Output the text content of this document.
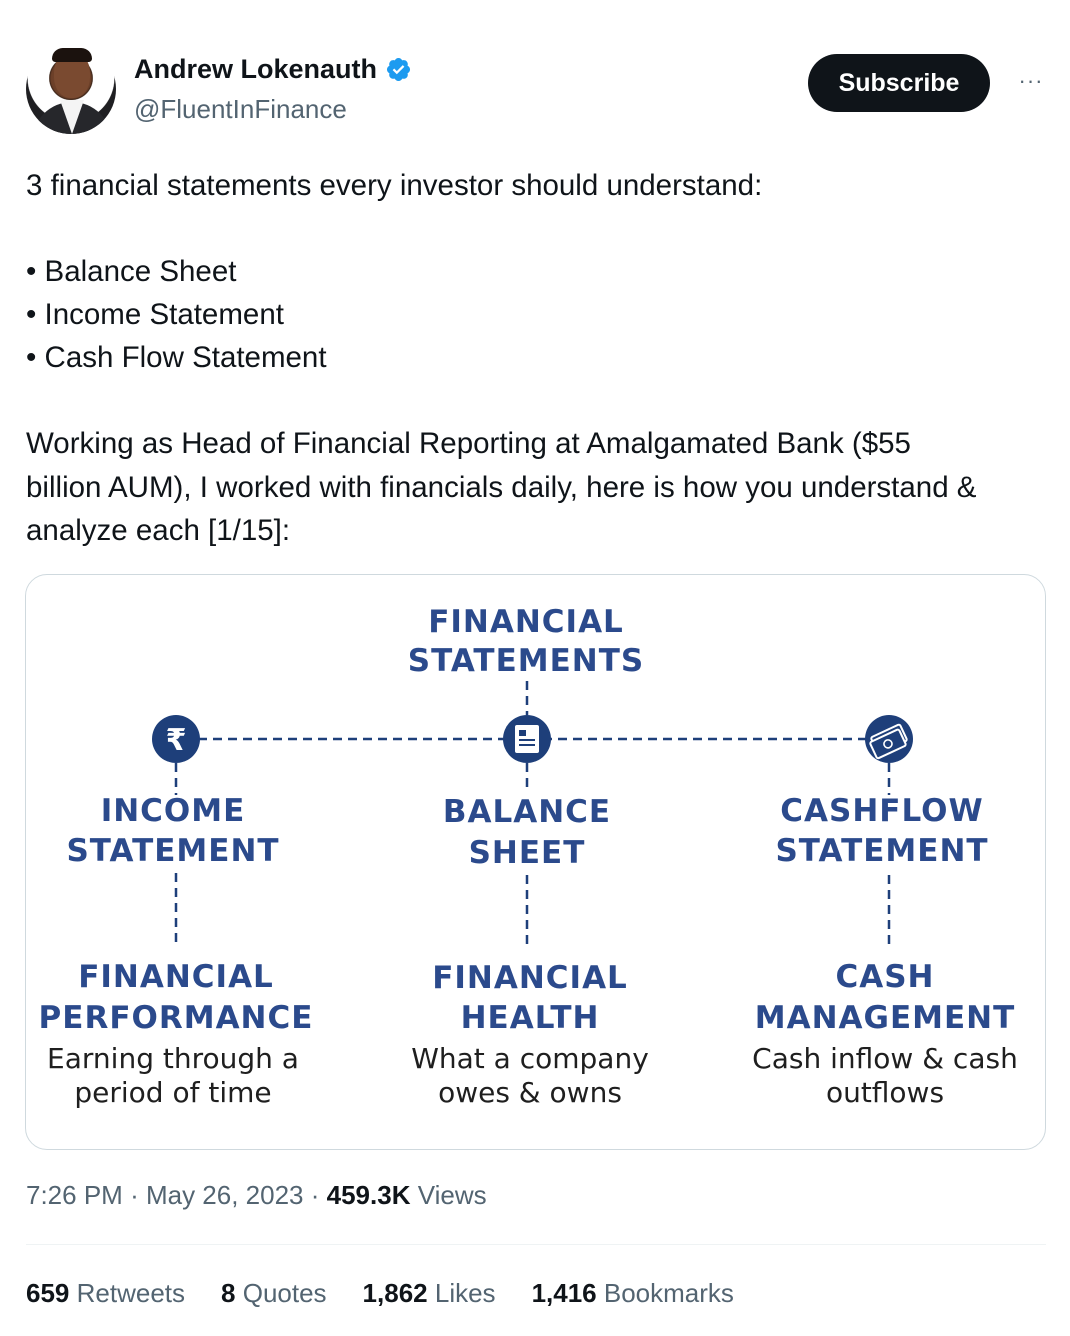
Andrew Lokenauth
@FluentInFinance
Subscribe	···

3 financial statements every investor should understand:

• Balance Sheet

• Income Statement

• Cash Flow Statement

Working as Head of Financial Reporting at Amalgamated Bank ($55

billion AUM), I worked with financials daily, here is how you understand &

analyze each [1/15]:

FINANCIAL
STATEMENTS
₹
INCOME
STATEMENT
FINANCIAL
PERFORMANCE
Earning through a
period of time
BALANCE
SHEET
FINANCIAL
HEALTH
What a company
owes & owns
CASHFLOW
STATEMENT
CASH
MANAGEMENT
Cash inflow & cash
outflows
7:26 PM · May 26, 2023 · 459.3K Views
659 Retweets 8 Quotes 1,862 Likes 1,416 Bookmarks
